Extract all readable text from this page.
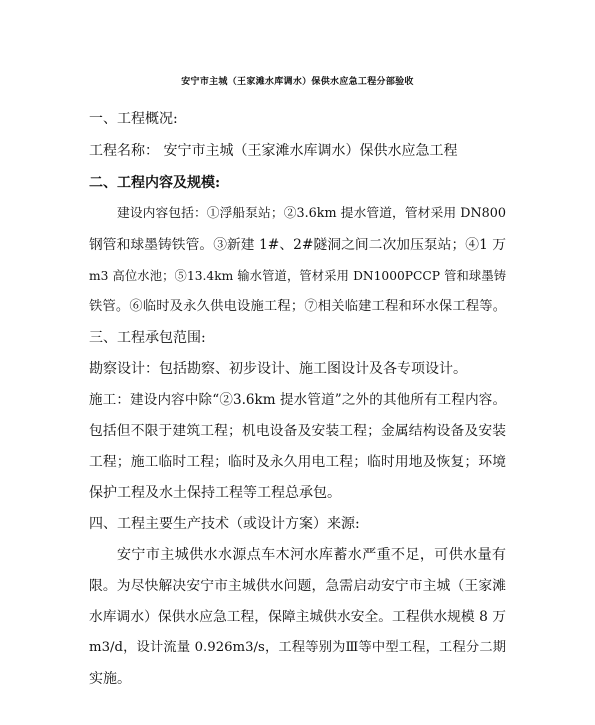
安宁市主城（王家滩水库调水）保供水应急工程分部验收
一、工程概况:
工程名称： 安宁市主城（王家滩水库调水）保供水应急工程
二、工程内容及规模:
建设内容包括：①浮船泵站；②3.6km 提水管道，管材采用 DN800
钢管和球墨铸铁管。③新建 1#、2#隧洞之间二次加压泵站；④1 万
m3 高位水池；⑤13.4km 输水管道，管材采用 DN1000PCCP 管和球墨铸
铁管。⑥临时及永久供电设施工程；⑦相关临建工程和环水保工程等。
三、工程承包范围:
勘察设计：包括勘察、初步设计、施工图设计及各专项设计。
施工：建设内容中除“②3.6km 提水管道”之外的其他所有工程内容。
包括但不限于建筑工程；机电设备及安装工程；金属结构设备及安装
工程；施工临时工程；临时及永久用电工程；临时用地及恢复；环境
保护工程及水土保持工程等工程总承包。
四、工程主要生产技术（或设计方案）来源:
安宁市主城供水水源点车木河水库蓄水严重不足，可供水量有
限。为尽快解决安宁市主城供水问题，急需启动安宁市主城（王家滩
水库调水）保供水应急工程，保障主城供水安全。工程供水规模 8 万
m3/d，设计流量 0.926m3/s，工程等别为Ⅲ等中型工程，工程分二期
实施。
